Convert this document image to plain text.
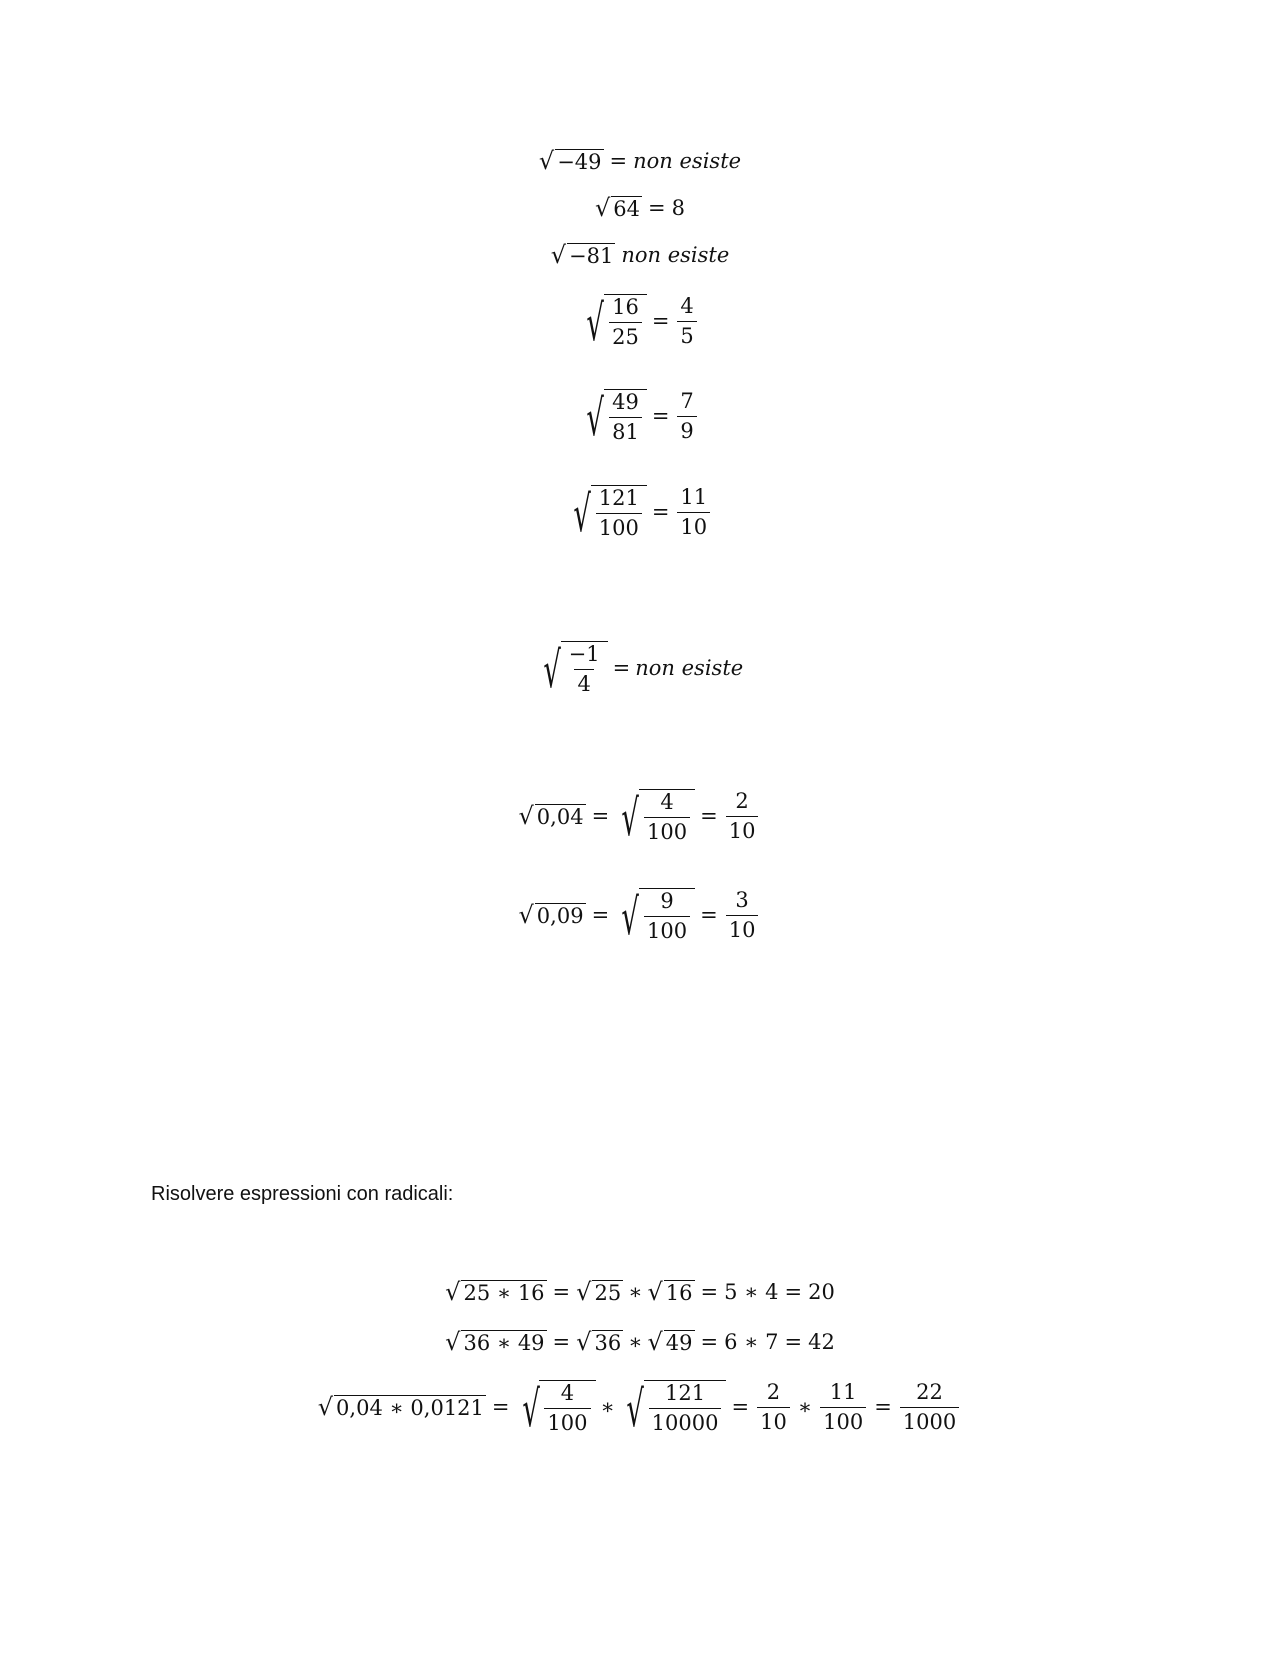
√ −49 = non esiste
√ 64 = 8
√ −81 non esiste
√ $\frac{16}{25} = \frac{4}{5}$
√ $\frac{49}{81} = \frac{7}{9}$
√ $\frac{121}{100} = \frac{11}{10}$
√ $\frac{-1}{4}$ = non esiste
√ 0,04 = √ $\frac{4}{100} = \frac{2}{10}$
√ 0,09 = √ $\frac{9}{100} = \frac{3}{10}$
Risolvere espressioni con radicali:
√ 25 ∗ 16 = √ 25 ∗ √ 16 = 5 ∗ 4 = 20
√ 36 ∗ 49 = √ 36 ∗ √ 49 = 6 ∗ 7 = 42
√ 0,04 ∗ 0,0121 = √ $\frac{4}{100}$ ∗ √ $\frac{121}{10000} = \frac{2}{10}$ ∗ $\frac{11}{100} = \frac{22}{1000}$
